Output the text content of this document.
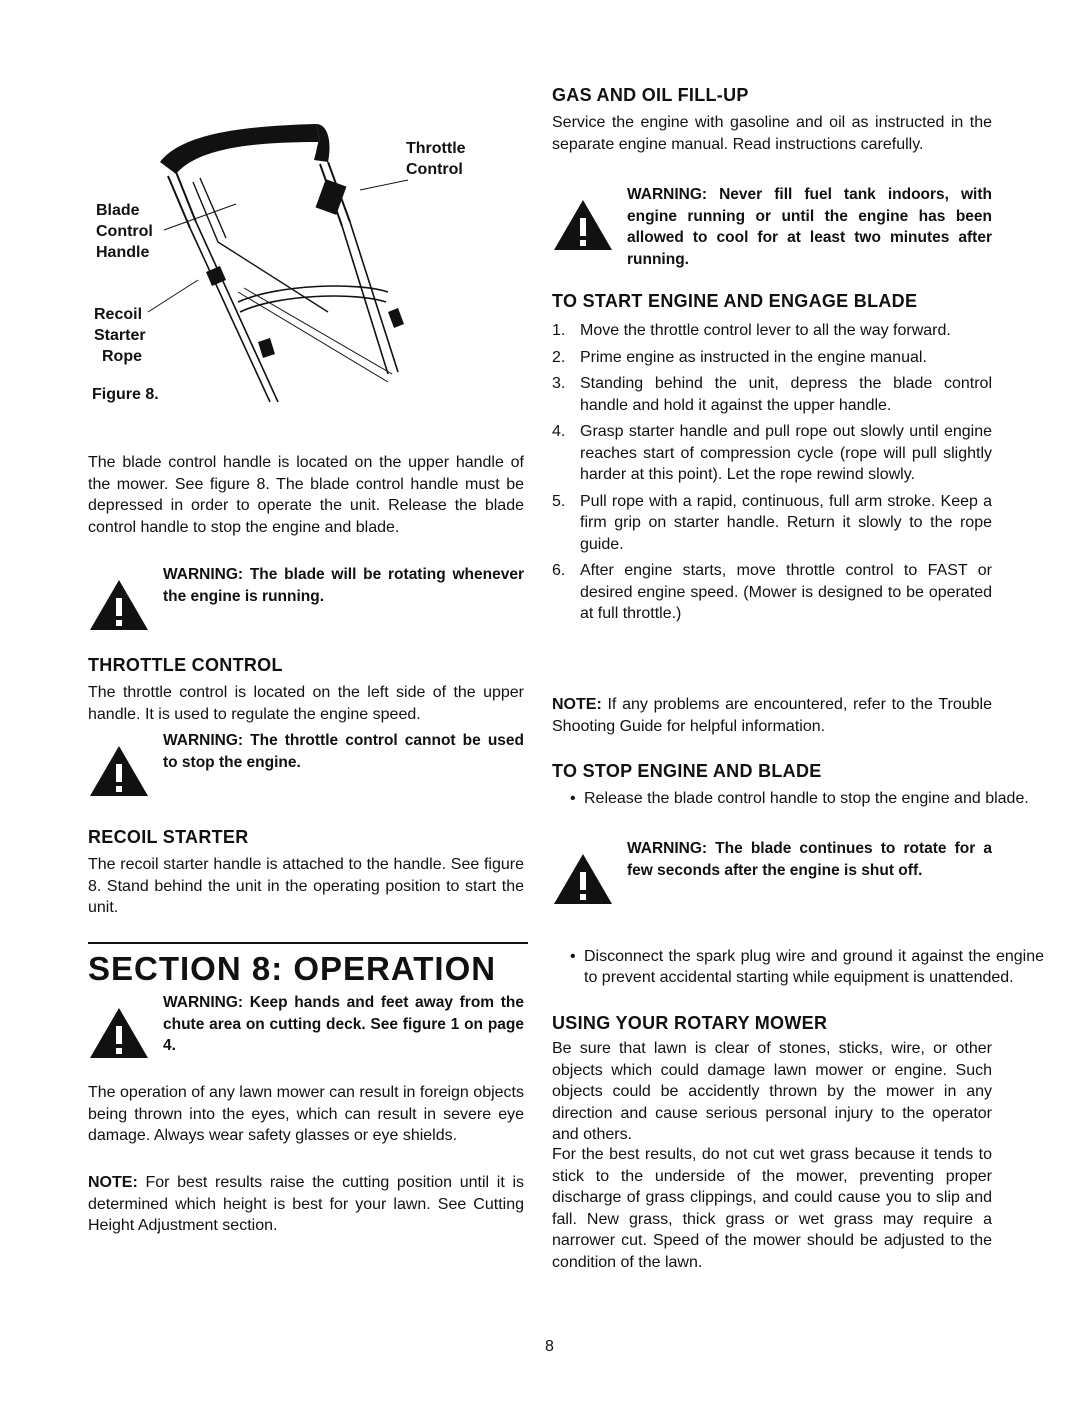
Throttle
Control
Blade
Control
Handle
Recoil
Starter
Rope
Figure 8.

The blade control handle is located on the upper handle of the mower. See figure 8. The blade control handle must be depressed in order to operate the unit. Release the blade control handle to stop the engine and blade.

WARNING: The blade will be rotating whenever the engine is running.
THROTTLE CONTROL

The throttle control is located on the left side of the upper handle. It is used to regulate the engine speed.

WARNING: The throttle control cannot be used to stop the engine.
RECOIL STARTER

The recoil starter handle is attached to the handle. See figure 8. Stand behind the unit in the operating position to start the unit.

SECTION 8: OPERATION
WARNING: Keep hands and feet away from the chute area on cutting deck. See figure 1 on page 4.

The operation of any lawn mower can result in foreign objects being thrown into the eyes, which can result in severe eye damage. Always wear safety glasses or eye shields.

NOTE: For best results raise the cutting position until it is determined which height is best for your lawn. See Cutting Height Adjustment section.

GAS AND OIL FILL-UP

Service the engine with gasoline and oil as instructed in the separate engine manual. Read instructions carefully.

WARNING: Never fill fuel tank indoors, with engine running or until the engine has been allowed to cool for at least two minutes after running.
TO START ENGINE AND ENGAGE BLADE
1. Move the throttle control lever to all the way forward.
2. Prime engine as instructed in the engine manual.
3. Standing behind the unit, depress the blade control handle and hold it against the upper handle.
4. Grasp starter handle and pull rope out slowly until engine reaches start of compression cycle (rope will pull slightly harder at this point). Let the rope rewind slowly.
5. Pull rope with a rapid, continuous, full arm stroke. Keep a firm grip on starter handle. Return it slowly to the rope guide.
6. After engine starts, move throttle control to FAST or desired engine speed. (Mower is designed to be operated at full throttle.)

NOTE: If any problems are encountered, refer to the Trouble Shooting Guide for helpful information.

TO STOP ENGINE AND BLADE
• Release the blade control handle to stop the engine and blade.
WARNING: The blade continues to rotate for a few seconds after the engine is shut off.
• Disconnect the spark plug wire and ground it against the engine to prevent accidental starting while equipment is unattended.
USING YOUR ROTARY MOWER

Be sure that lawn is clear of stones, sticks, wire, or other objects which could damage lawn mower or engine. Such objects could be accidently thrown by the mower in any direction and cause serious personal injury to the operator and others.

For the best results, do not cut wet grass because it tends to stick to the underside of the mower, preventing proper discharge of grass clippings, and could cause you to slip and fall. New grass, thick grass or wet grass may require a narrower cut. Speed of the mower should be adjusted to the condition of the lawn.

8
